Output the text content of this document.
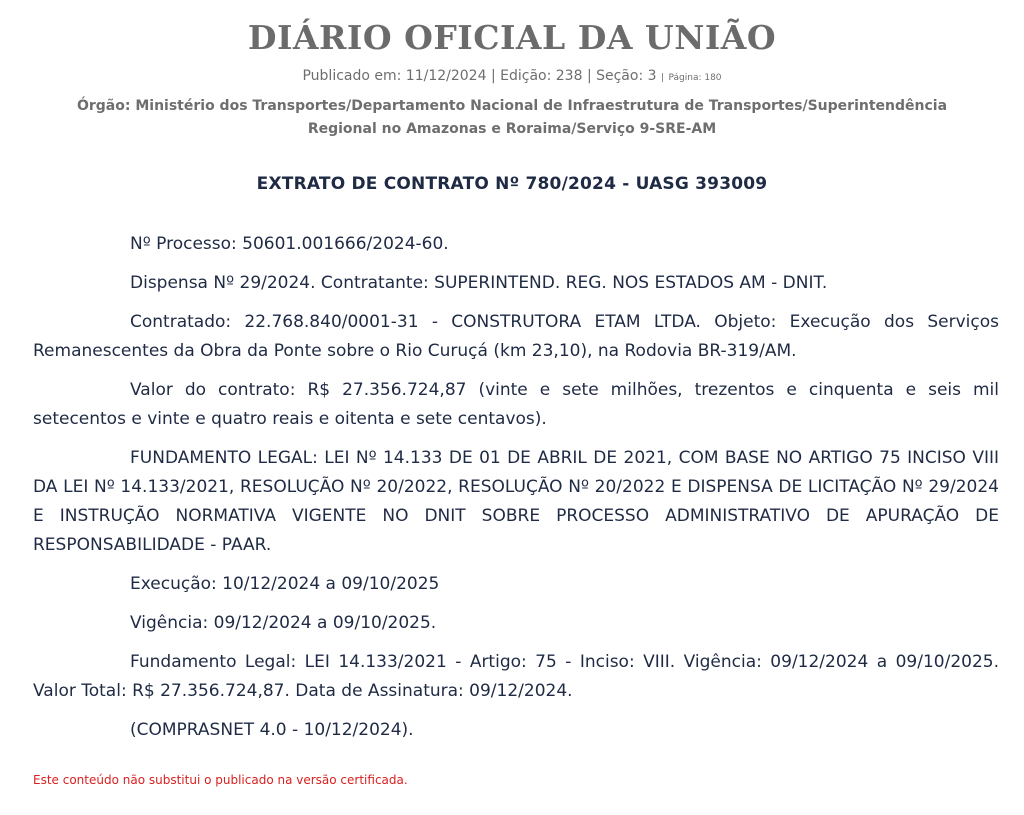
DIÁRIO OFICIAL DA UNIÃO
Publicado em: 11/12/2024 | Edição: 238 | Seção: 3 | Página: 180
Órgão: Ministério dos Transportes/Departamento Nacional de Infraestrutura de Transportes/Superintendência Regional no Amazonas e Roraima/Serviço 9-SRE-AM
EXTRATO DE CONTRATO Nº 780/2024 - UASG 393009

Nº Processo: 50601.001666/2024-60.

Dispensa Nº 29/2024. Contratante: SUPERINTEND. REG. NOS ESTADOS AM - DNIT.

Contratado: 22.768.840/0001-31 - CONSTRUTORA ETAM LTDA. Objeto: Execução dos Serviços Remanescentes da Obra da Ponte sobre o Rio Curuçá (km 23,10), na Rodovia BR-319/AM.

Valor do contrato: R$ 27.356.724,87 (vinte e sete milhões, trezentos e cinquenta e seis mil setecentos e vinte e quatro reais e oitenta e sete centavos).

FUNDAMENTO LEGAL: LEI Nº 14.133 DE 01 DE ABRIL DE 2021, COM BASE NO ARTIGO 75 INCISO VIII DA LEI Nº 14.133/2021, RESOLUÇÃO Nº 20/2022, RESOLUÇÃO Nº 20/2022 E DISPENSA DE LICITAÇÃO Nº 29/2024 E INSTRUÇÃO NORMATIVA VIGENTE NO DNIT SOBRE PROCESSO ADMINISTRATIVO DE APURAÇÃO DE RESPONSABILIDADE - PAAR.

Execução: 10/12/2024 a 09/10/2025

Vigência: 09/12/2024 a 09/10/2025.

Fundamento Legal: LEI 14.133/2021 - Artigo: 75 - Inciso: VIII. Vigência: 09/12/2024 a 09/10/2025. Valor Total: R$ 27.356.724,87. Data de Assinatura: 09/12/2024.

(COMPRASNET 4.0 - 10/12/2024).

Este conteúdo não substitui o publicado na versão certificada.
